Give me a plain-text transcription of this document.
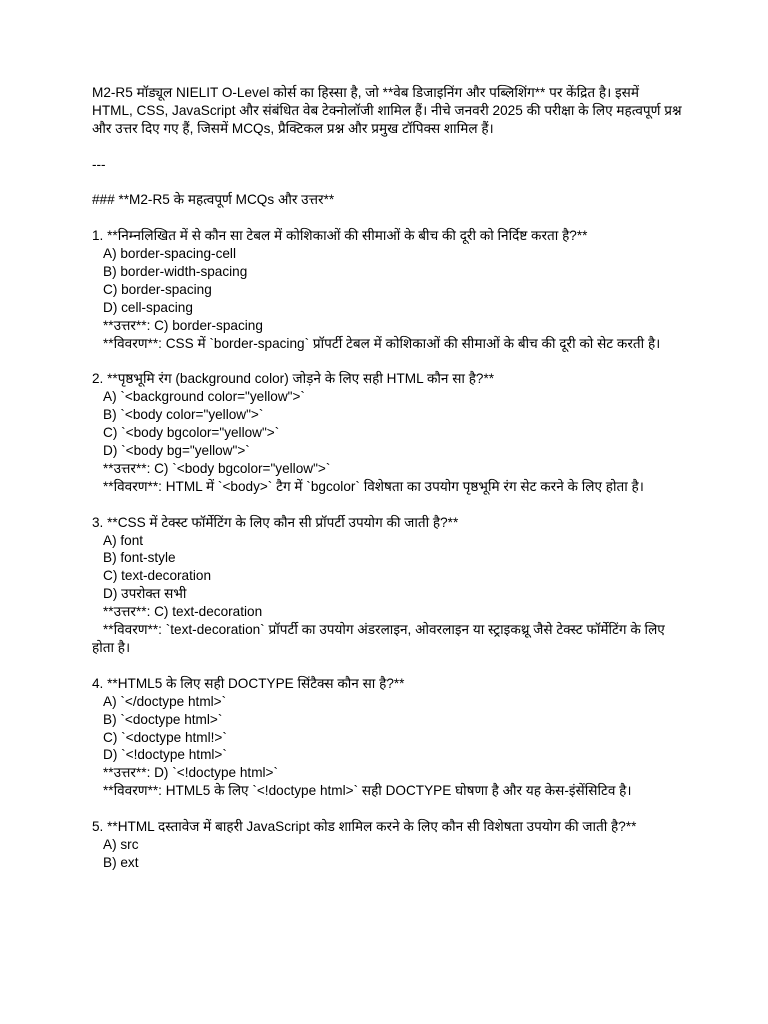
M2-R5 मॉड्यूल NIELIT O-Level कोर्स का हिस्सा है, जो **वेब डिजाइनिंग और पब्लिशिंग** पर केंद्रित है। इसमें HTML, CSS, JavaScript और संबंधित वेब टेक्नोलॉजी शामिल हैं। नीचे जनवरी 2025 की परीक्षा के लिए महत्वपूर्ण प्रश्न और उत्तर दिए गए हैं, जिसमें MCQs, प्रैक्टिकल प्रश्न और प्रमुख टॉपिक्स शामिल हैं।

---

### **M2-R5 के महत्वपूर्ण MCQs और उत्तर**

1. **निम्नलिखित में से कौन सा टेबल में कोशिकाओं की सीमाओं के बीच की दूरी को निर्दिष्ट करता है?**

A) border-spacing-cell

B) border-width-spacing

C) border-spacing

D) cell-spacing

**उत्तर**: C) border-spacing

**विवरण**: CSS में `border-spacing` प्रॉपर्टी टेबल में कोशिकाओं की सीमाओं के बीच की दूरी को सेट करती है।

2. **पृष्ठभूमि रंग (background color) जोड़ने के लिए सही HTML कौन सा है?**

A) `<background color="yellow">`

B) `<body color="yellow">`

C) `<body bgcolor="yellow">`

D) `<body bg="yellow">`

**उत्तर**: C) `<body bgcolor="yellow">`

**विवरण**: HTML में `<body>` टैग में `bgcolor` विशेषता का उपयोग पृष्ठभूमि रंग सेट करने के लिए होता है।

3. **CSS में टेक्स्ट फॉर्मेटिंग के लिए कौन सी प्रॉपर्टी उपयोग की जाती है?**

A) font

B) font-style

C) text-decoration

D) उपरोक्त सभी

**उत्तर**: C) text-decoration

**विवरण**: `text-decoration` प्रॉपर्टी का उपयोग अंडरलाइन, ओवरलाइन या स्ट्राइकथ्रू जैसे टेक्स्ट फॉर्मेटिंग के लिए होता है।

4. **HTML5 के लिए सही DOCTYPE सिंटैक्स कौन सा है?**

A) `</doctype html>`

B) `<doctype html>`

C) `<doctype html!>`

D) `<!doctype html>`

**उत्तर**: D) `<!doctype html>`

**विवरण**: HTML5 के लिए `<!doctype html>` सही DOCTYPE घोषणा है और यह केस-इंसेंसिटिव है।

5. **HTML दस्तावेज में बाहरी JavaScript कोड शामिल करने के लिए कौन सी विशेषता उपयोग की जाती है?**

A) src

B) ext
